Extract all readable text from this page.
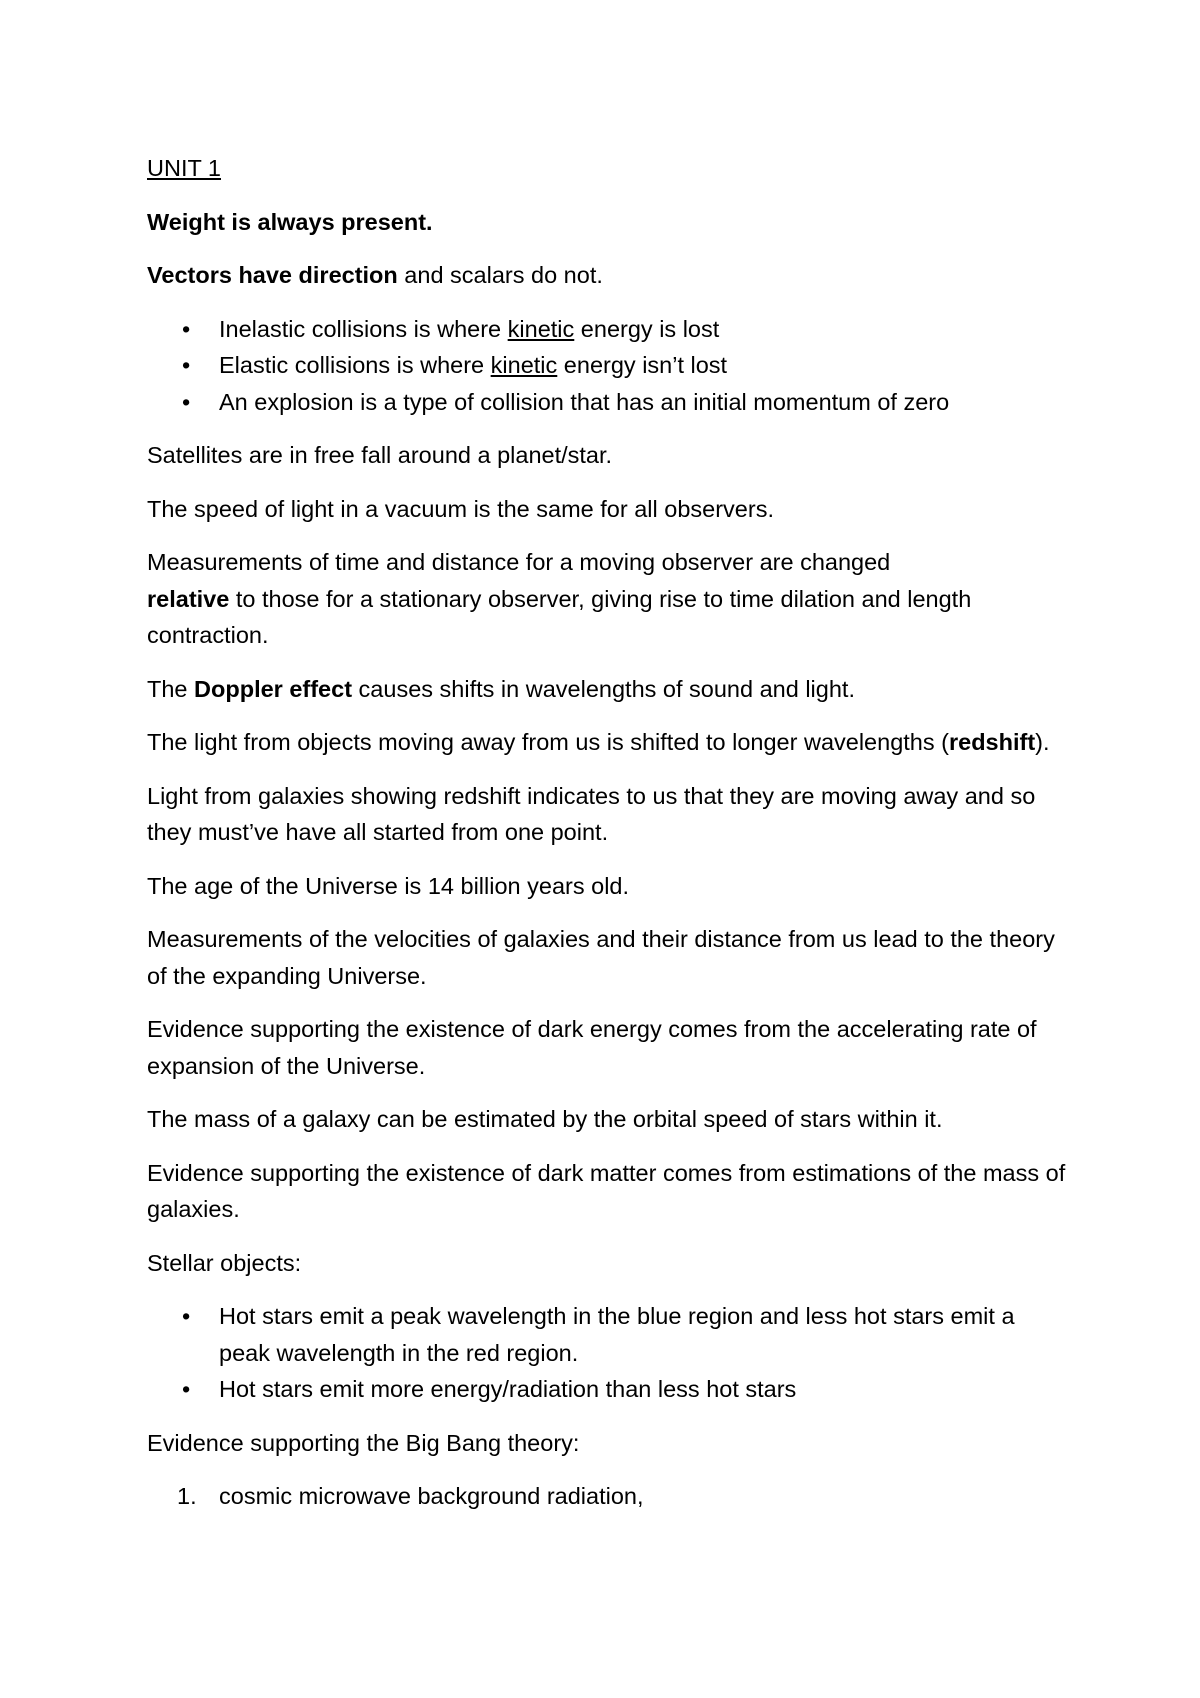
UNIT 1

Weight is always present.

Vectors have direction and scalars do not.

• Inelastic collisions is where kinetic energy is lost
• Elastic collisions is where kinetic energy isn’t lost
• An explosion is a type of collision that has an initial momentum of zero

Satellites are in free fall around a planet/star.

The speed of light in a vacuum is the same for all observers.

Measurements of time and distance for a moving observer are changed
relative to those for a stationary observer, giving rise to time dilation and length contraction.

The Doppler effect causes shifts in wavelengths of sound and light.

The light from objects moving away from us is shifted to longer wavelengths (redshift).

Light from galaxies showing redshift indicates to us that they are moving away and so they must’ve have all started from one point.

The age of the Universe is 14 billion years old.

Measurements of the velocities of galaxies and their distance from us lead to the theory of the expanding Universe.

Evidence supporting the existence of dark energy comes from the accelerating rate of expansion of the Universe.

The mass of a galaxy can be estimated by the orbital speed of stars within it.

Evidence supporting the existence of dark matter comes from estimations of the mass of galaxies.

Stellar objects:

• Hot stars emit a peak wavelength in the blue region and less hot stars emit a peak wavelength in the red region.
• Hot stars emit more energy/radiation than less hot stars

Evidence supporting the Big Bang theory:

1. cosmic microwave background radiation,
